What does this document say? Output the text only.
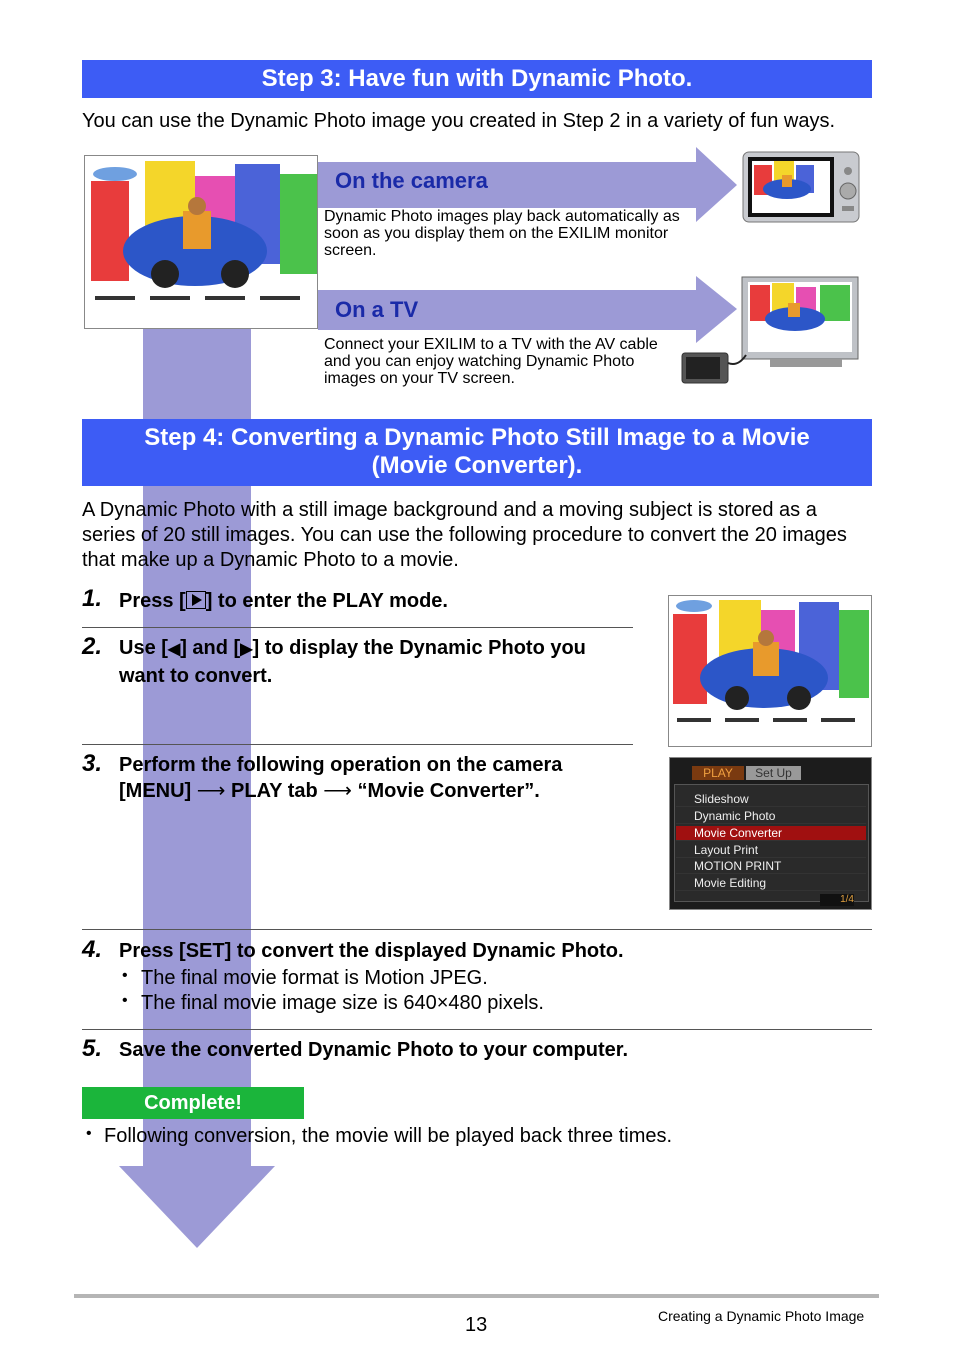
Step 3: Have fun with Dynamic Photo.
You can use the Dynamic Photo image you created in Step 2 in a variety of fun ways.
On the camera
Dynamic Photo images play back automatically as soon as you display them on the EXILIM monitor screen.
On a TV
Connect your EXILIM to a TV with the AV cable and you can enjoy watching Dynamic Photo images on your TV screen.
Step 4: Converting a Dynamic Photo Still Image to a Movie
(Movie Converter).
A Dynamic Photo with a still image background and a moving subject is stored as a series of 20 still images. You can use the following procedure to convert the 20 images that make up a Dynamic Photo to a movie.
1. Press [ ] to enter the PLAY mode.
2. Use [◀] and [▶] to display the Dynamic Photo you want to convert.
3. Perform the following operation on the camera
[MENU] ⟶ PLAY tab ⟶ “Movie Converter”.
PLAY	Set Up
Slideshow
Dynamic Photo
Movie Converter
Layout Print
MOTION PRINT
Movie Editing
1/4
4. Press [SET] to convert the displayed Dynamic Photo.
• The final movie format is Motion JPEG.
• The final movie image size is 640×480 pixels.
5. Save the converted Dynamic Photo to your computer.
Complete!
• Following conversion, the movie will be played back three times.
13	Creating a Dynamic Photo Image
